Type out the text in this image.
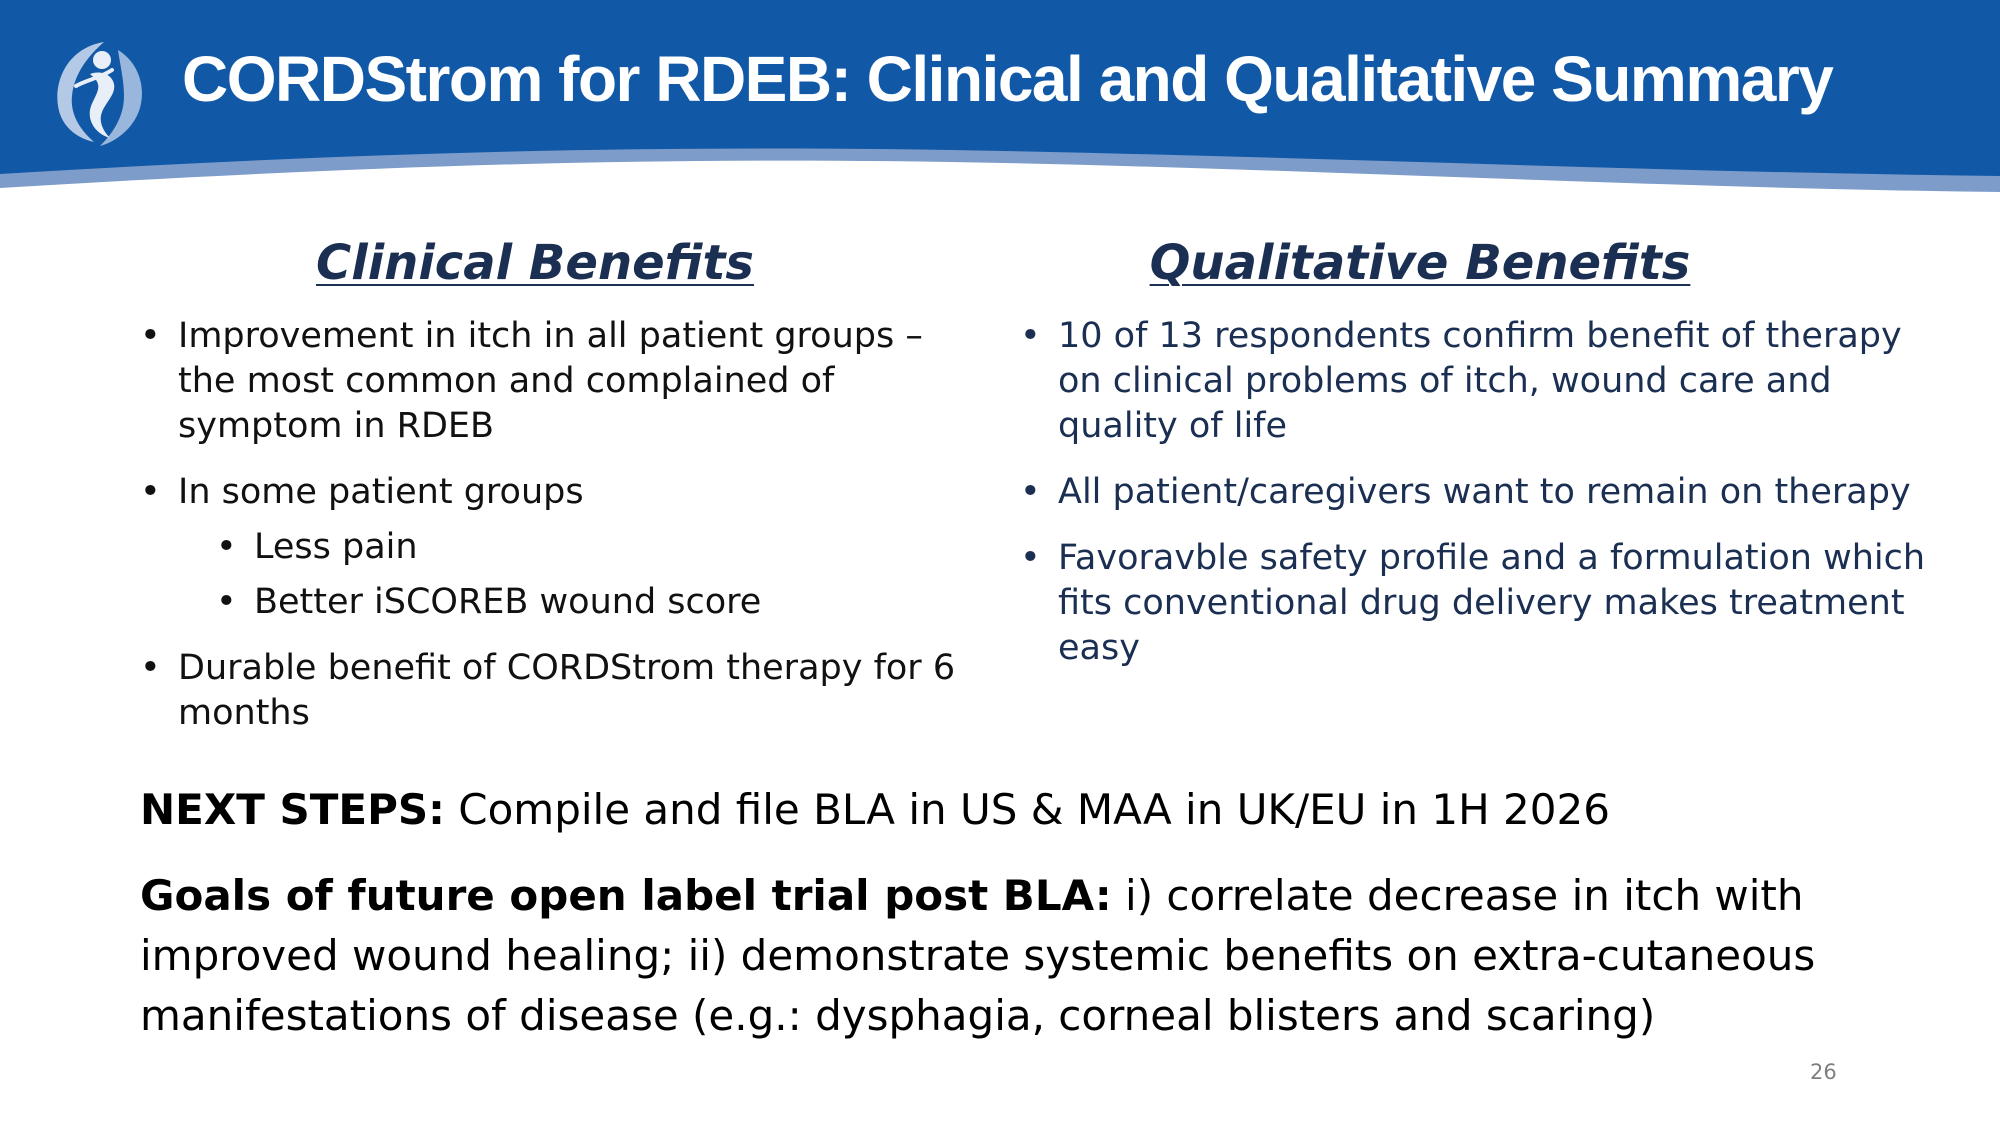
CORDStrom for RDEB: Clinical and Qualitative Summary
Clinical Benefits
• Improvement in itch in all patient groups – the most common and complained of symptom in RDEB
• In some patient groups
• Less pain
• Better iSCOREB wound score
• Durable benefit of CORDStrom therapy for 6 months
Qualitative Benefits
• 10 of 13 respondents confirm benefit of therapy on clinical problems of itch, wound care and quality of life
• All patient/caregivers want to remain on therapy
• Favoravble safety profile and a formulation which fits conventional drug delivery makes treatment easy

NEXT STEPS: Compile and file BLA in US & MAA in UK/EU in 1H 2026

Goals of future open label trial post BLA: i) correlate decrease in itch with improved wound healing; ii) demonstrate systemic benefits on extra-cutaneous manifestations of disease (e.g.: dysphagia, corneal blisters and scaring)

26
